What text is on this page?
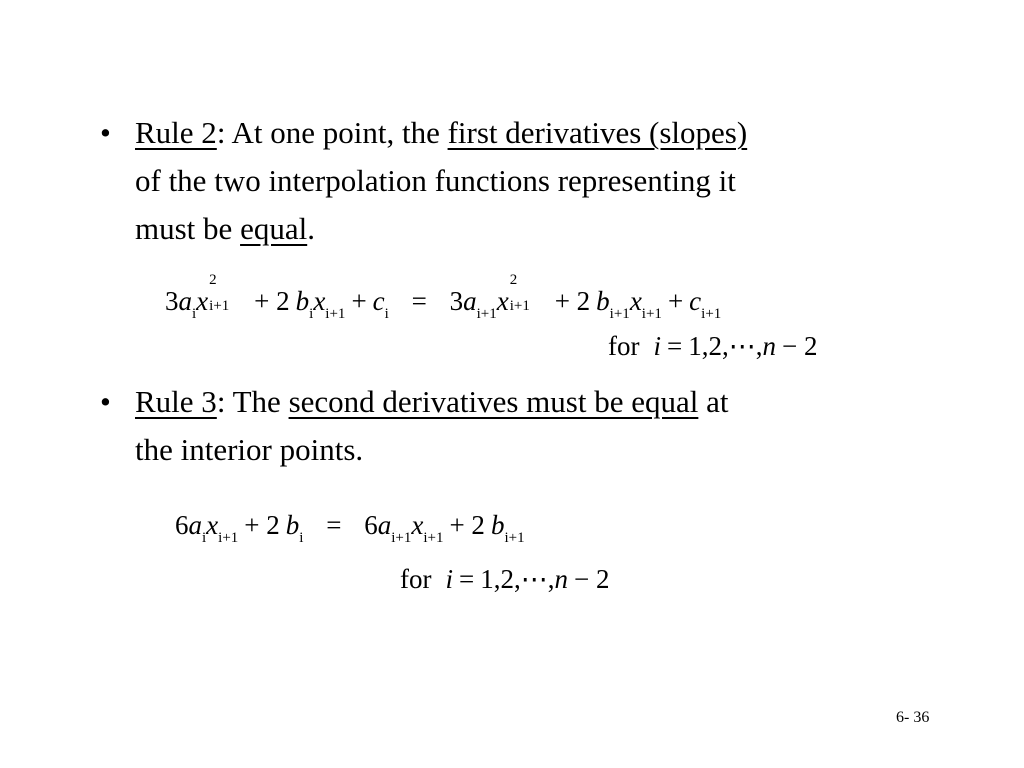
• Rule 2: At one point, the first derivatives (slopes)
of the two interpolation functions representing it
must be equal.
$3a_ix$
2
i+1 + 2 $b_ix_{i+1} + c_i = 3a_{i+1}x$
2
i+1 + 2 $b_{i+1}x_{i+1} + c_{i+1}$
for i = 1,2,⋯,n − 2
• Rule 3: The second derivatives must be equal at
the interior points.
$6a_ix_{i+1} + 2$ $b_i = 6a_{i+1}x_{i+1} + 2$ $b_{i+1}$
for i = 1,2,⋯,n − 2
6- 36
